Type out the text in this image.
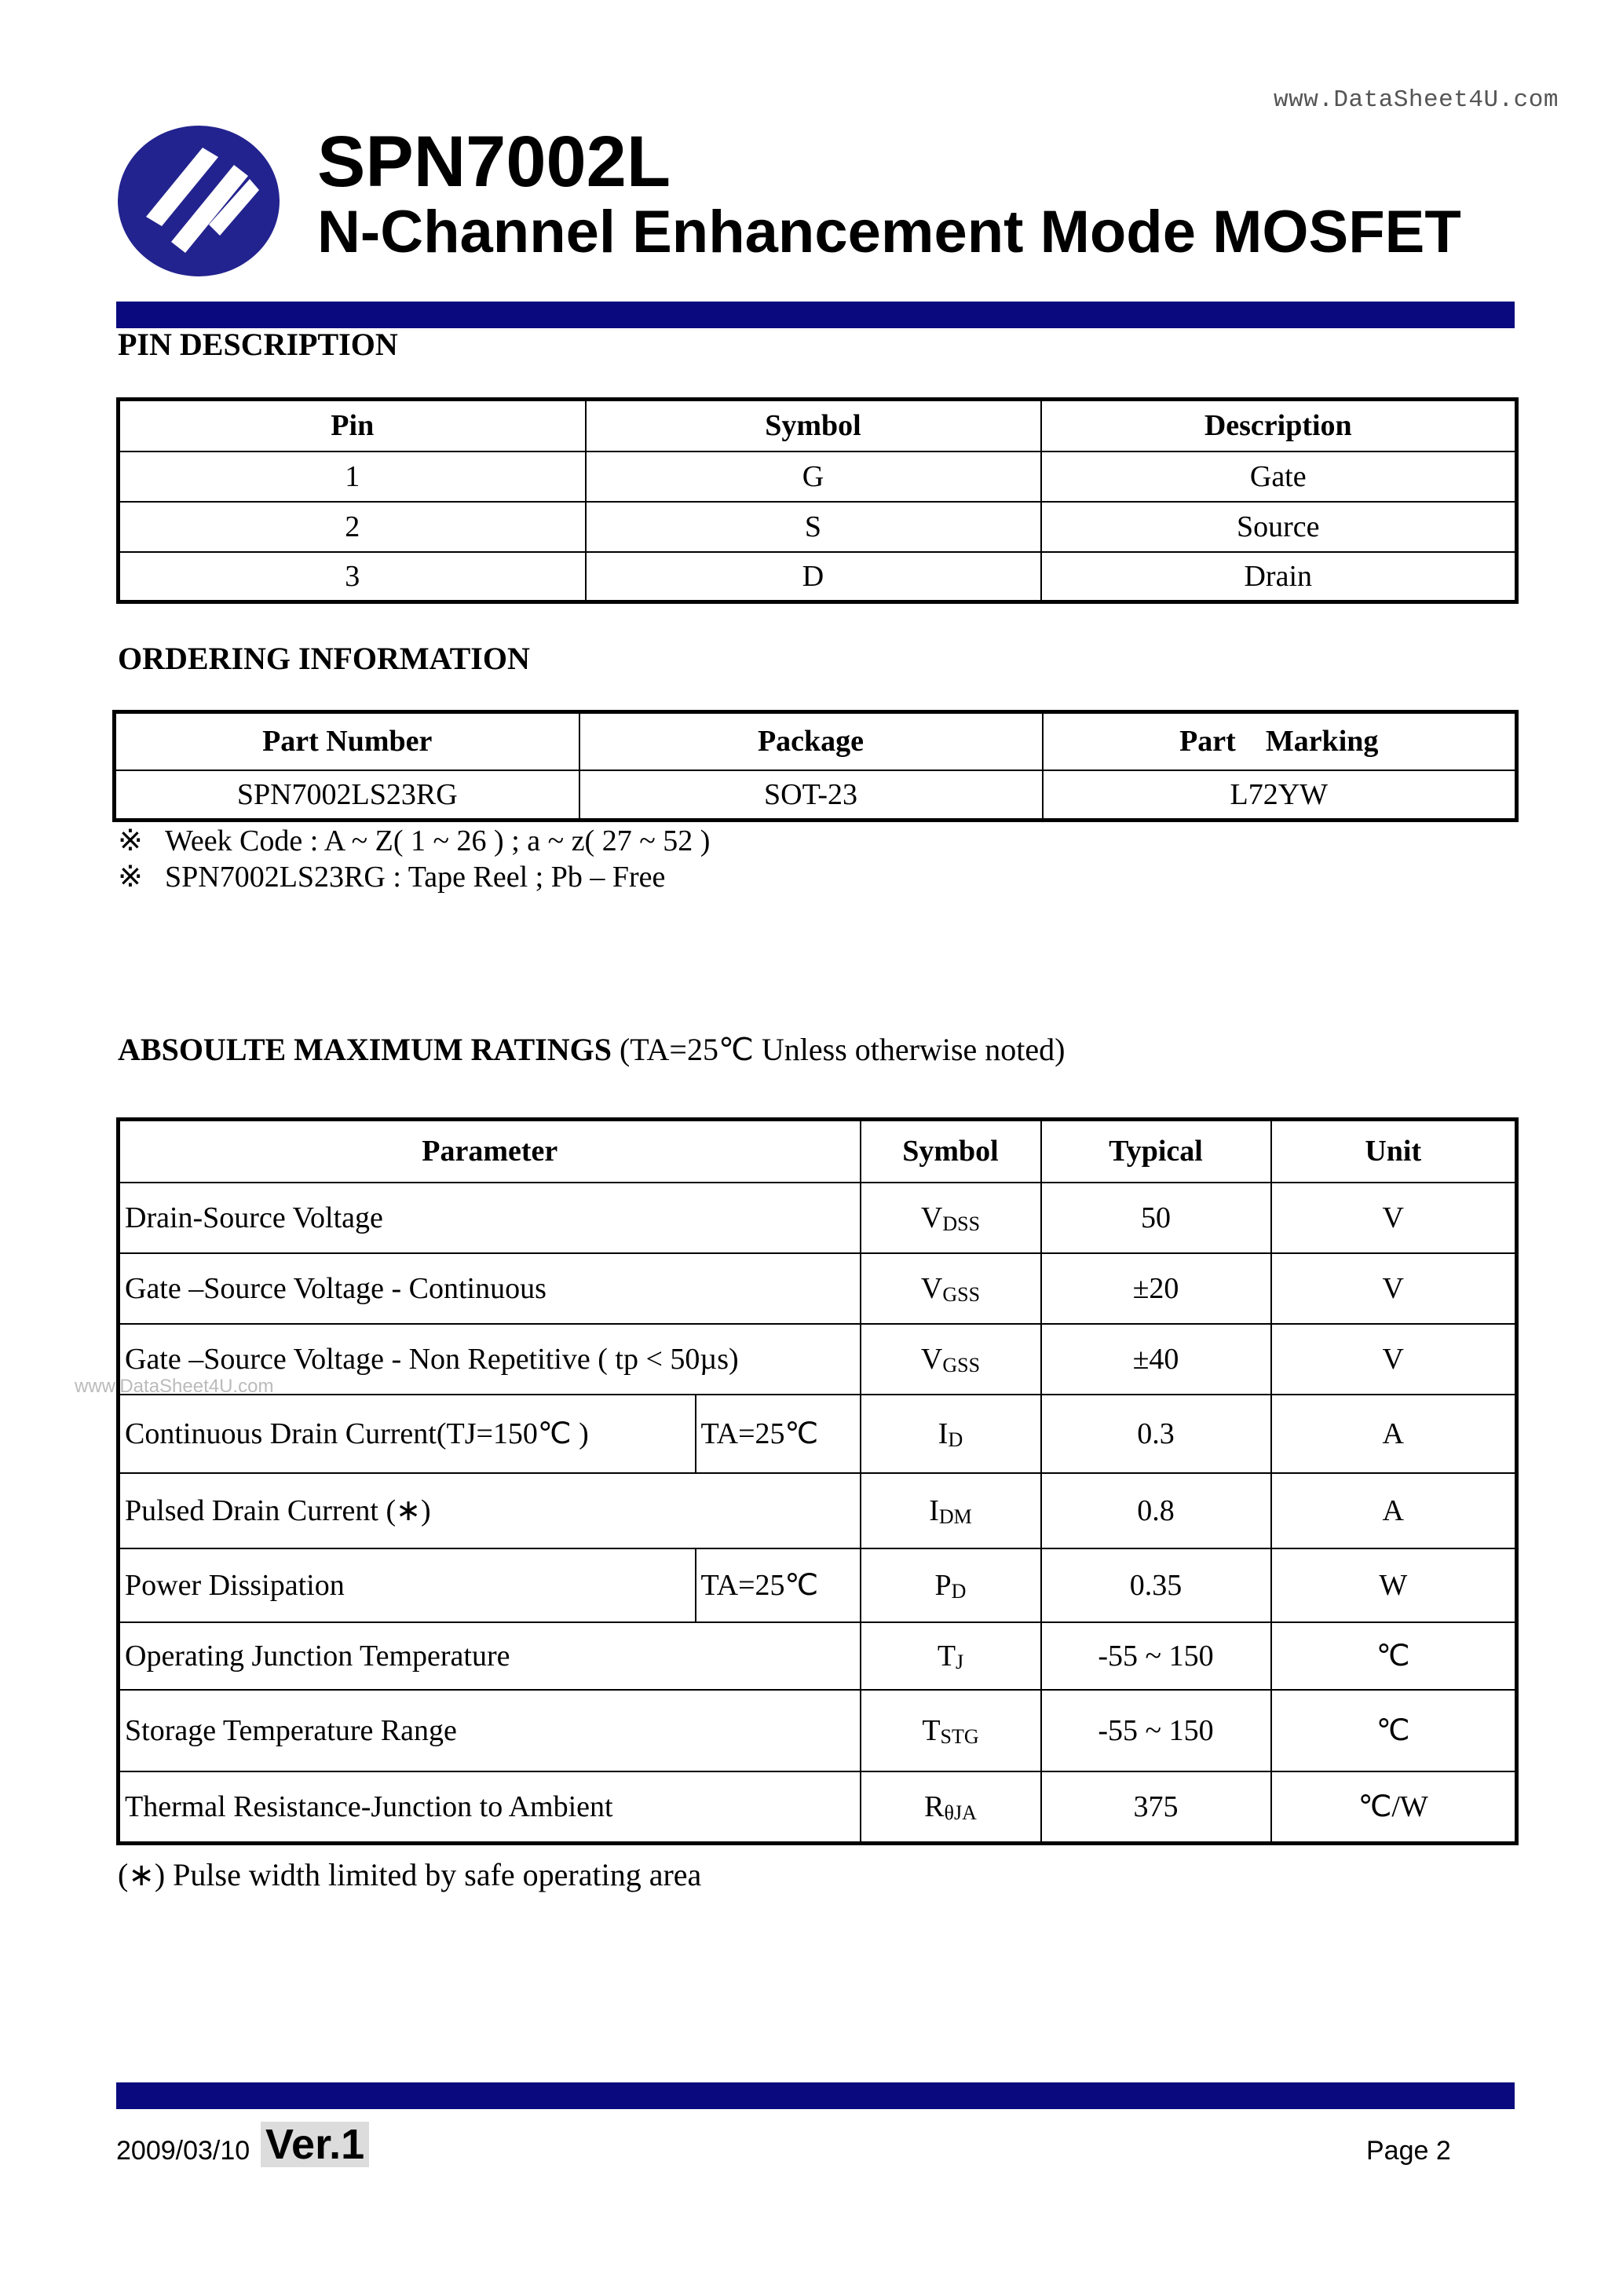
www.DataSheet4U.com
SPN7002L
N-Channel Enhancement Mode MOSFET
PIN DESCRIPTION
Pin	Symbol	Description
1	G	Gate
2	S	Source
3	D	Drain
ORDERING INFORMATION
Part Number	Package	Part    Marking
SPN7002LS23RG	SOT-23	L72YW
※ Week Code : A ~ Z( 1 ~ 26 ) ; a ~ z( 27 ~ 52 )
※ SPN7002LS23RG : Tape Reel ; Pb – Free
ABSOULTE MAXIMUM RATINGS (TA=25℃ Unless otherwise noted)
www.DataSheet4U.com
Parameter		Symbol	Typical	Unit
Drain-Source Voltage		$V_{DSS}$	50	V
Gate –Source Voltage - Continuous		$V_{GSS}$	±20	V
Gate –Source Voltage - Non Repetitive ( tp < 50µs)		$V_{GSS}$	±40	V
Continuous Drain Current(TJ=150℃ )	TA=25℃	$I_D$	0.3	A
Pulsed Drain Current (∗)		$I_{DM}$	0.8	A
Power Dissipation	TA=25℃	$P_D$	0.35	W
Operating Junction Temperature		$T_J$	-55 ~ 150	℃
Storage Temperature Range		$T_{STG}$	-55 ~ 150	℃
Thermal Resistance-Junction to Ambient		$R_{\theta JA}$	375	℃/W
(∗) Pulse width limited by safe operating area
2009/03/10 Ver.1	Page 2
